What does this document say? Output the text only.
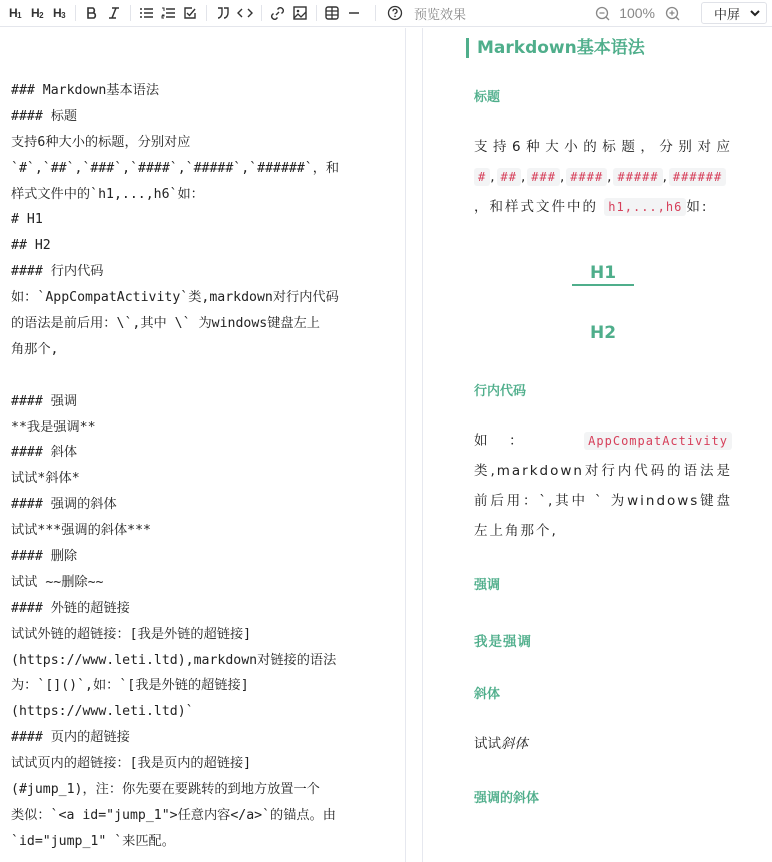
$H_1$ $H_2$ $H_3$	预览效果	100%	中屏
### Markdown基本语法
#### 标题
支持6种大小的标题，分别对应
`#`,`##`,`###`,`####`,`#####`,`######`，和
样式文件中的`h1,...,h6`如：
# H1
## H2
#### 行内代码
如：`AppCompatActivity`类,markdown对行内代码
的语法是前后用：\`,其中 \` 为windows键盘左上
角那个,
#### 强调
**我是强调**
#### 斜体
试试*斜体*
#### 强调的斜体
试试***强调的斜体***
#### 删除
试试 ~~删除~~
#### 外链的超链接
试试外链的超链接：[我是外链的超链接]
(https://www.leti.ltd),markdown对链接的语法
为：`[]()`,如：`[我是外链的超链接]
(https://www.leti.ltd)`
#### 页内的超链接
试试页内的超链接：[我是页内的超链接]
(#jump_1)，注：你先要在要跳转的到地方放置一个
类似：`<a id="jump_1">任意内容</a>`的锚点。由
`id="jump_1" `来匹配。
Markdown基本语法
标题
支持6种大小的标题，分别对应 # , ## , ### , #### , ##### , ###### ，和样式文件中的 h1,...,h6 如:
H1
H2
行内代码
如：	AppCompatActivity 类,markdown对行内代码的语法是前后用：`,其中 ` 为windows键盘左上角那个,
强调
我是强调
斜体
试试斜体
强调的斜体
